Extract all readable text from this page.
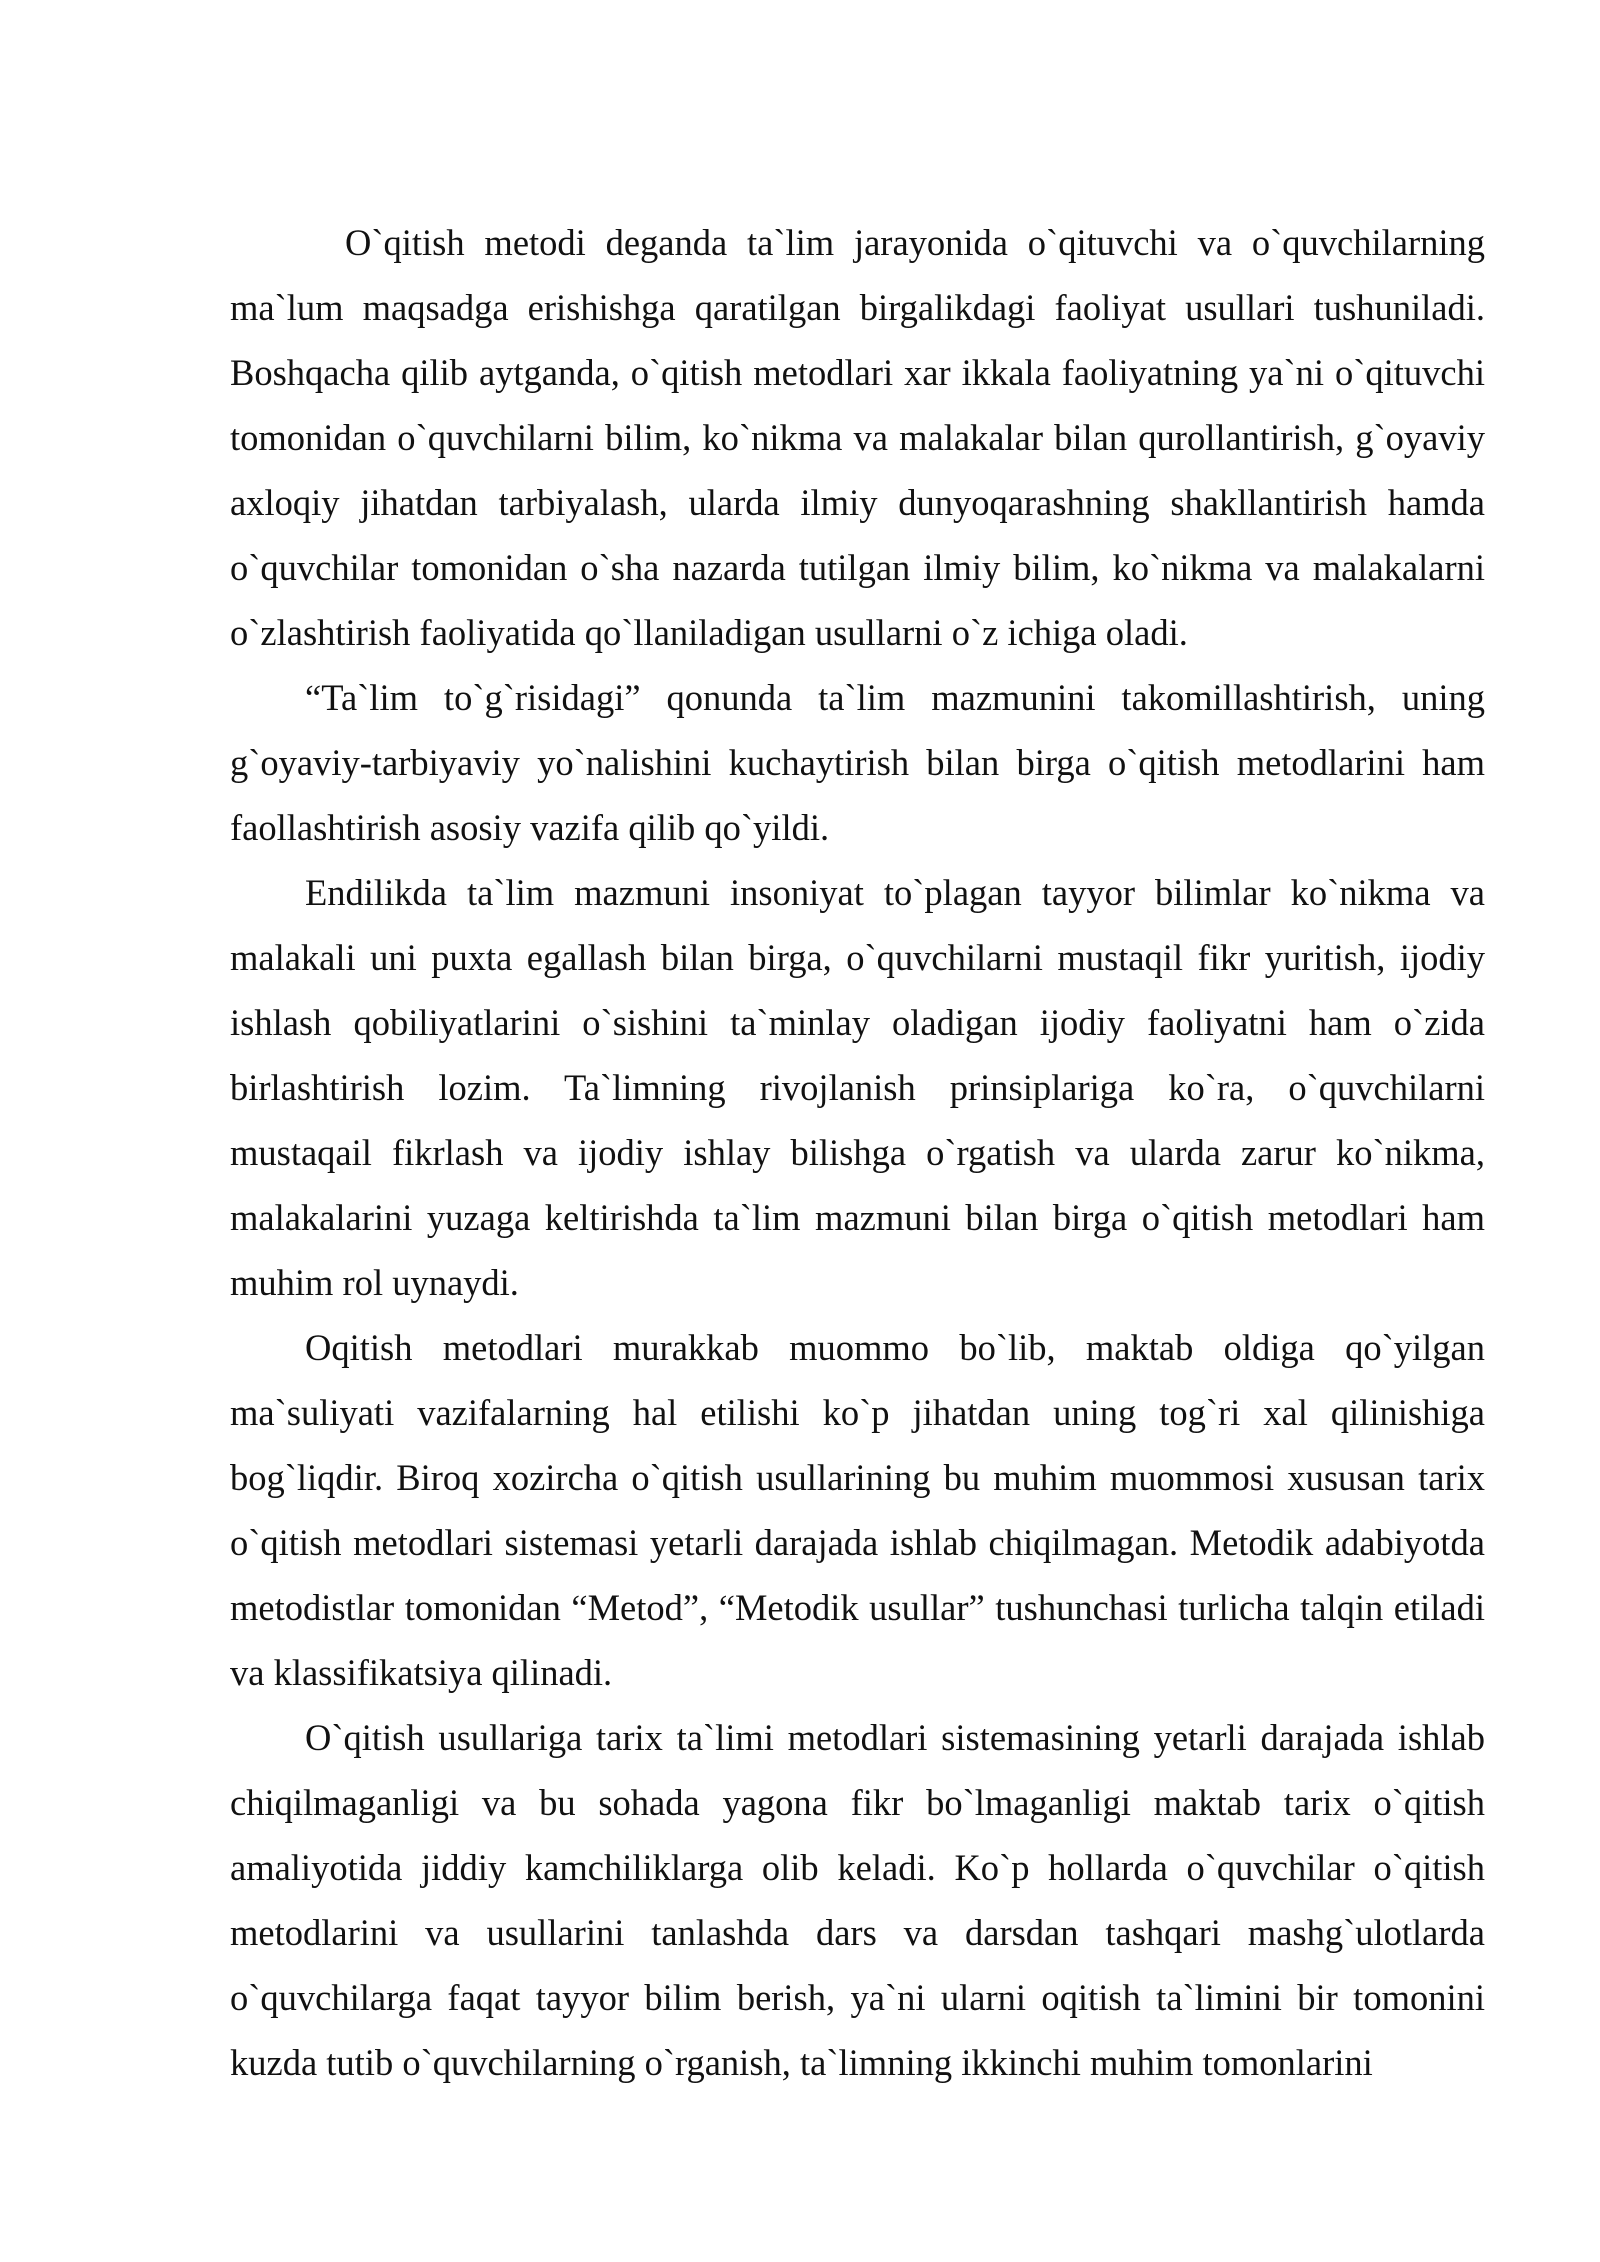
O`qitish metodi deganda ta`lim jarayonida o`qituvchi va o`quvchilarning ma`lum maqsadga erishishga qaratilgan birgalikdagi faoliyat usullari tushuniladi. Boshqacha qilib aytganda, o`qitish metodlari xar ikkala faoliyatning ya`ni o`qituvchi tomonidan o`quvchilarni bilim, ko`nikma va malakalar bilan qurollantirish, g`oyaviy axloqiy jihatdan tarbiyalash, ularda ilmiy dunyoqarashning shakllantirish hamda o`quvchilar tomonidan o`sha nazarda tutilgan ilmiy bilim, ko`nikma va malakalarni o`zlashtirish faoliyatida qo`llaniladigan usullarni o`z ichiga oladi.

“Ta`lim to`g`risidagi” qonunda ta`lim mazmunini takomillashtirish, uning g`oyaviy-tarbiyaviy yo`nalishini kuchaytirish bilan birga o`qitish metodlarini ham faollashtirish asosiy vazifa qilib qo`yildi.

Endilikda ta`lim mazmuni insoniyat to`plagan tayyor bilimlar ko`nikma va malakali uni puxta egallash bilan birga, o`quvchilarni mustaqil fikr yuritish, ijodiy ishlash qobiliyatlarini o`sishini ta`minlay oladigan ijodiy faoliyatni ham o`zida birlashtirish lozim. Ta`limning rivojlanish prinsiplariga ko`ra, o`quvchilarni mustaqail fikrlash va ijodiy ishlay bilishga o`rgatish va ularda zarur ko`nikma, malakalarini yuzaga keltirishda ta`lim mazmuni bilan birga o`qitish metodlari ham muhim rol uynaydi.

Oqitish metodlari murakkab muommo bo`lib, maktab oldiga qo`yilgan ma`suliyati vazifalarning hal etilishi ko`p jihatdan uning tog`ri xal qilinishiga bog`liqdir. Biroq xozircha o`qitish usullarining bu muhim muommosi xususan tarix o`qitish metodlari sistemasi yetarli darajada ishlab chiqilmagan. Metodik adabiyotda metodistlar tomonidan “Metod”, “Metodik usullar” tushunchasi turlicha talqin etiladi va klassifikatsiya qilinadi.

O`qitish usullariga tarix ta`limi metodlari sistemasining yetarli darajada ishlab chiqilmaganligi va bu sohada yagona fikr bo`lmaganligi maktab tarix o`qitish amaliyotida jiddiy kamchiliklarga olib keladi. Ko`p hollarda o`quvchilar o`qitish metodlarini va usullarini tanlashda dars va darsdan tashqari mashg`ulotlarda o`quvchilarga faqat tayyor bilim berish, ya`ni ularni oqitish ta`limini bir tomonini kuzda tutib o`quvchilarning o`rganish, ta`limning ikkinchi muhim tomonlarini
